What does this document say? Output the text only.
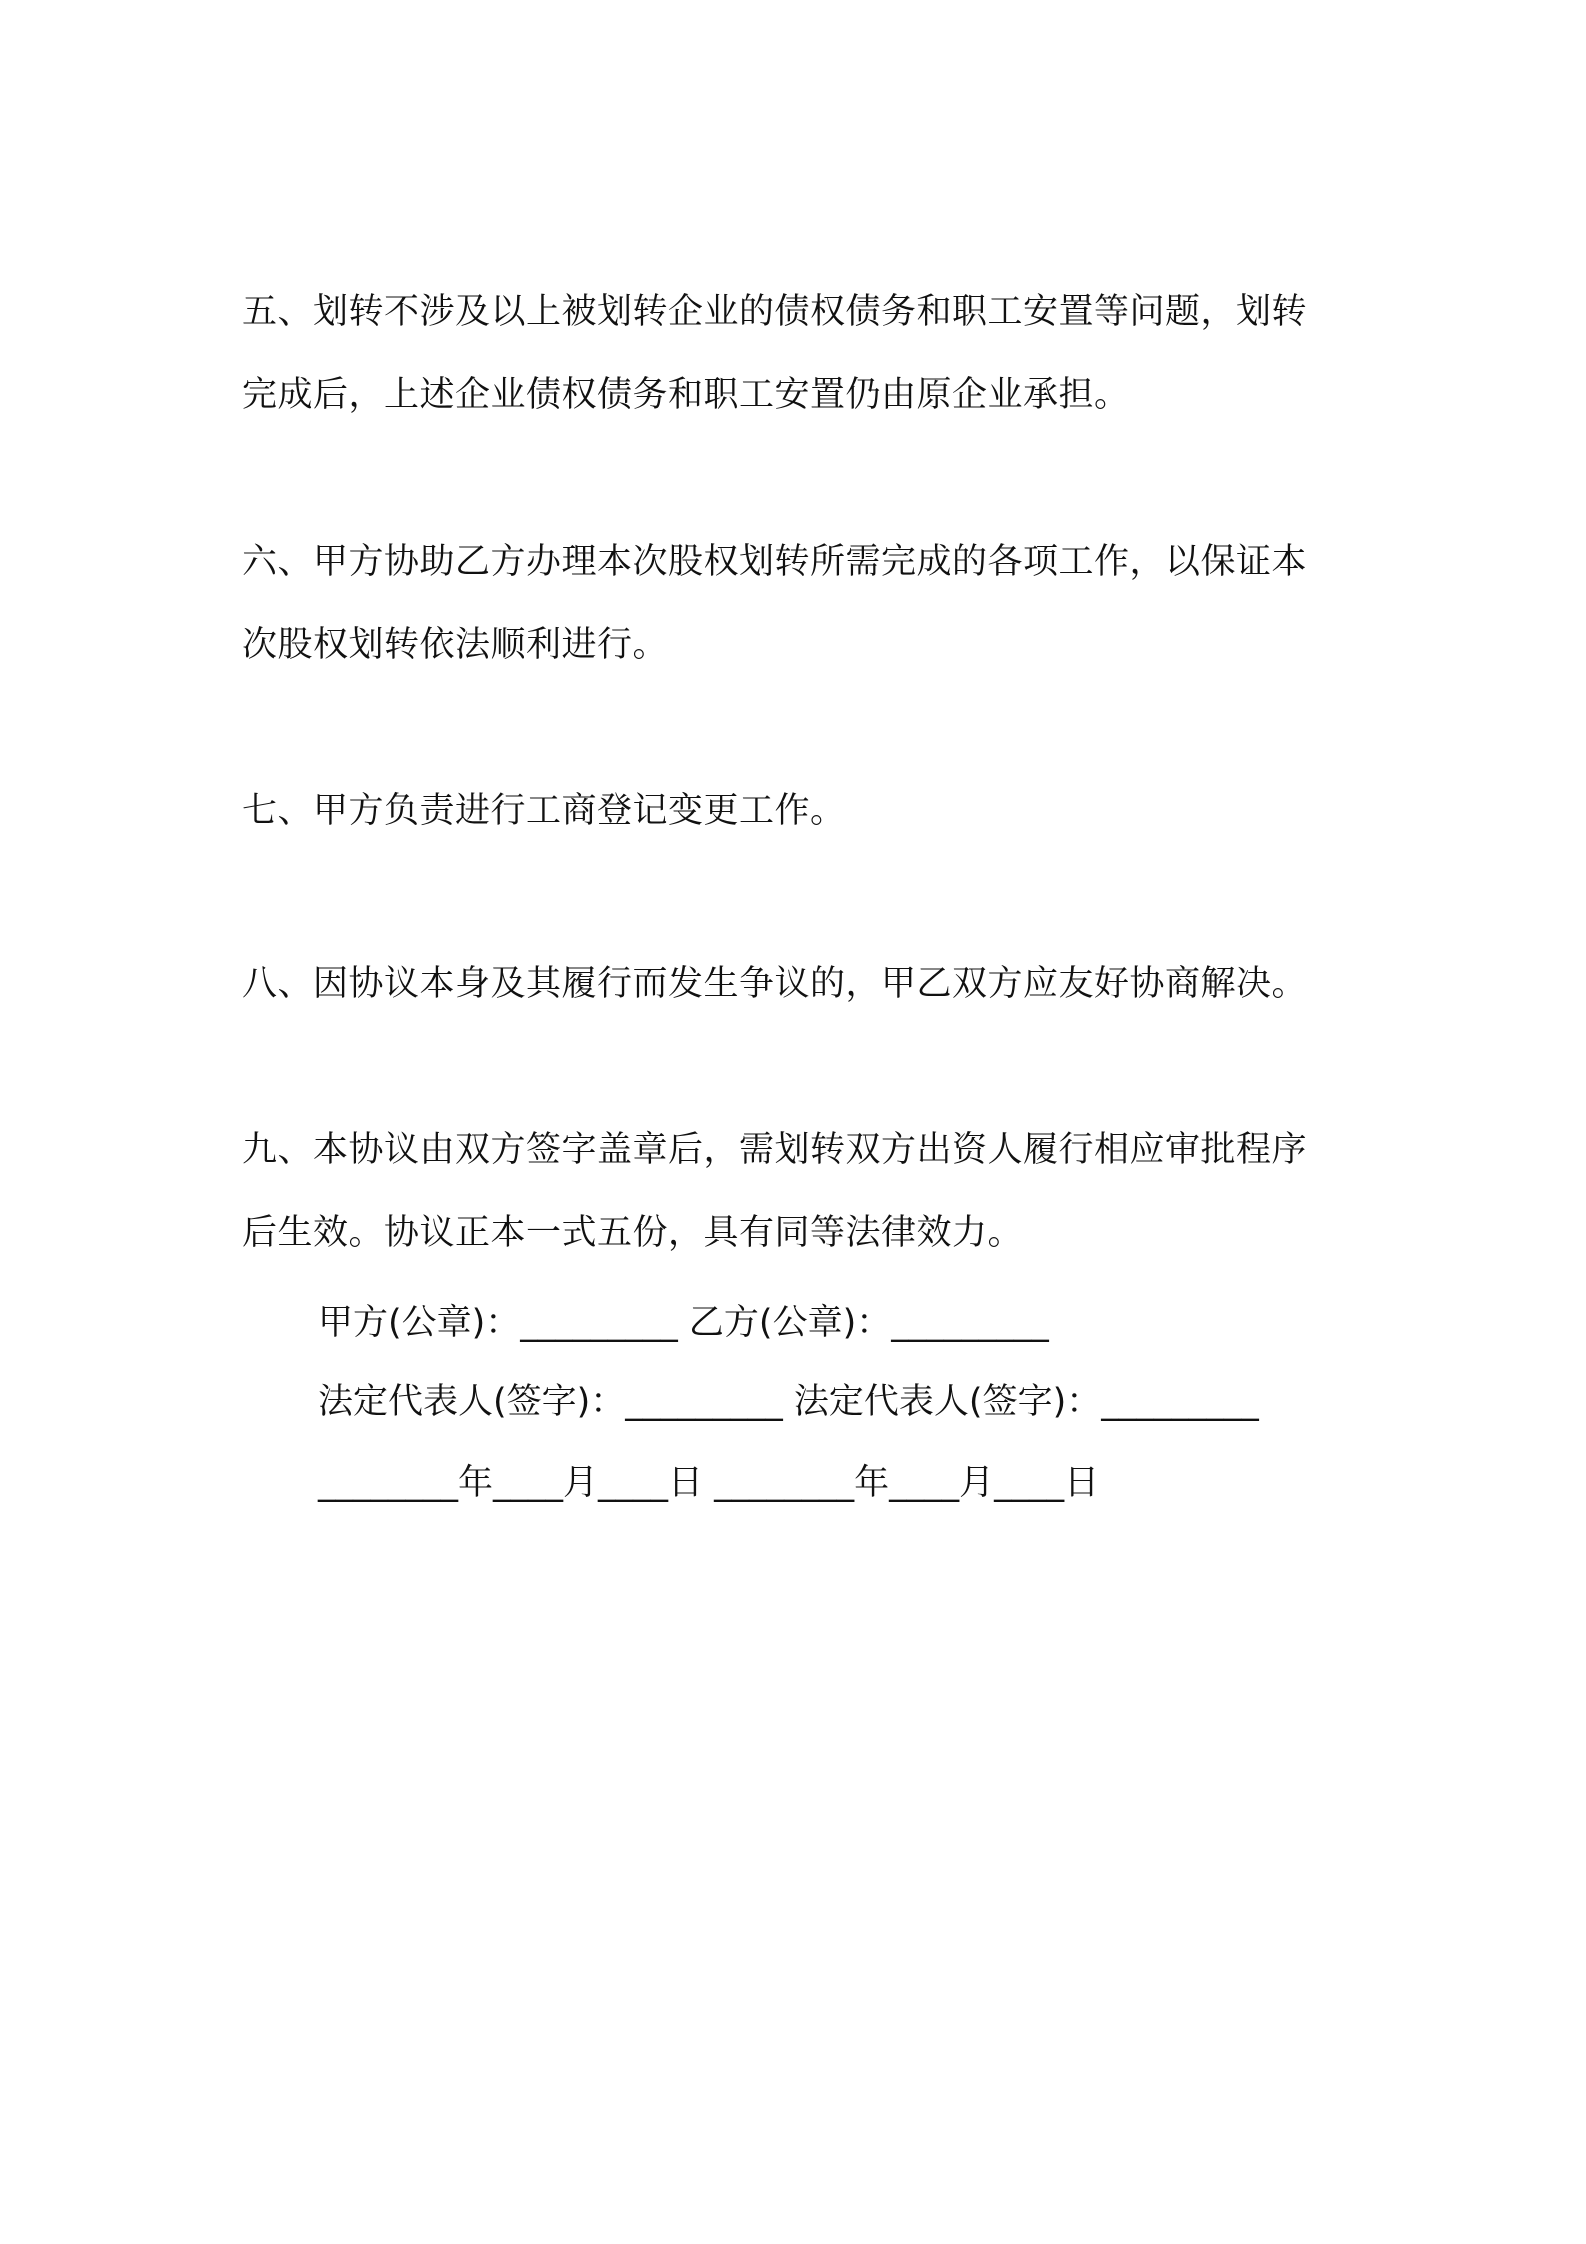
五、划转不涉及以上被划转企业的债权债务和职工安置等问题，划转
完成后，上述企业债权债务和职工安置仍由原企业承担。
六、甲方协助乙方办理本次股权划转所需完成的各项工作，以保证本
次股权划转依法顺利进行。
七、甲方负责进行工商登记变更工作。
八、因协议本身及其履行而发生争议的，甲乙双方应友好协商解决。
九、本协议由双方签字盖章后，需划转双方出资人履行相应审批程序
后生效。协议正本一式五份，具有同等法律效力。
甲方(公章)：_________ 乙方(公章)：_________
法定代表人(签字)：_________ 法定代表人(签字)：_________
________年____月____日 ________年____月____日
